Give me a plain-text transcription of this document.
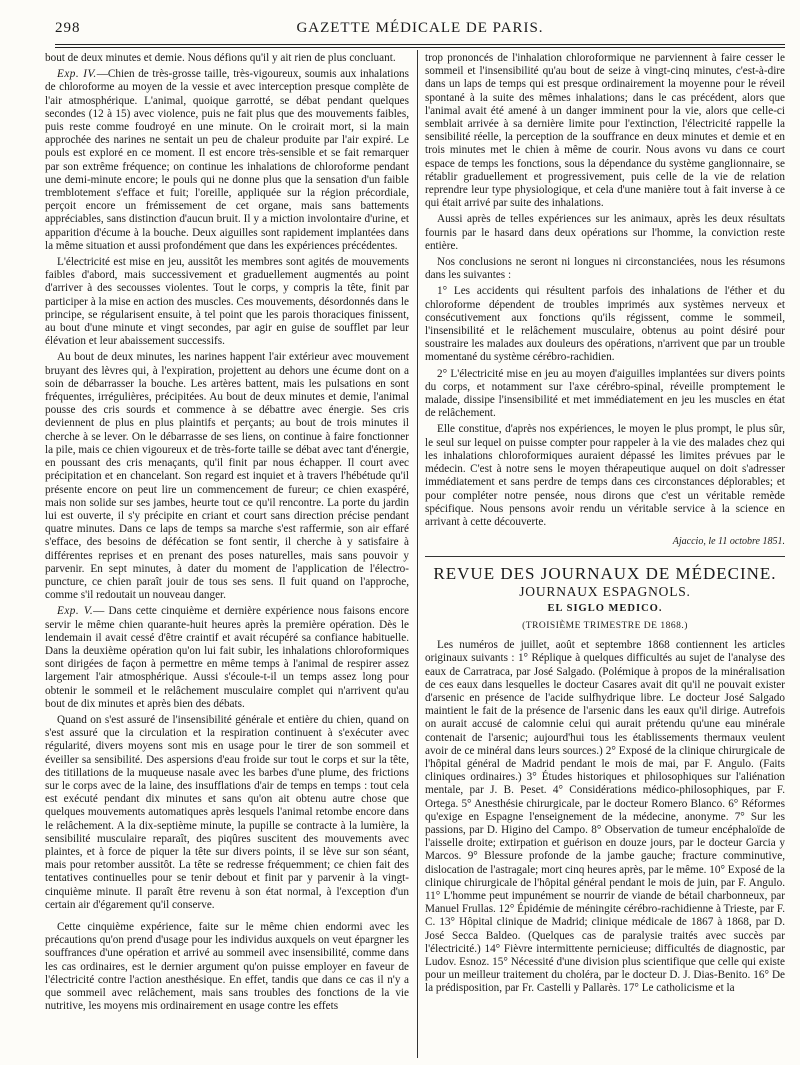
298	GAZETTE MÉDICALE DE PARIS.

bout de deux minutes et demie. Nous défions qu'il y ait rien de plus concluant.

Exp. IV.—Chien de très-grosse taille, très-vigoureux, soumis aux inhalations de chloroforme au moyen de la vessie et avec interception presque complète de l'air atmosphérique. L'animal, quoique garrotté, se débat pendant quelques secondes (12 à 15) avec violence, puis ne fait plus que des mouvements faibles, puis reste comme foudroyé en une minute. On le croirait mort, si la main approchée des narines ne sentait un peu de chaleur produite par l'air expiré. Le pouls est exploré en ce moment. Il est encore très-sensible et se fait remarquer par son extrême fréquence; on continue les inhalations de chloroforme pendant une demi-minute encore; le pouls qui ne donne plus que la sensation d'un faible tremblotement s'efface et fuit; l'oreille, appliquée sur la région précordiale, perçoit encore un frémissement de cet organe, mais sans battements appréciables, sans distinction d'aucun bruit. Il y a miction involontaire d'urine, et apparition d'écume à la bouche. Deux aiguilles sont rapidement implantées dans la même situation et aussi profondément que dans les expériences précédentes.

L'électricité est mise en jeu, aussitôt les membres sont agités de mouvements faibles d'abord, mais successivement et graduellement augmentés au point d'arriver à des secousses violentes. Tout le corps, y compris la tête, finit par participer à la mise en action des muscles. Ces mouvements, désordonnés dans le principe, se régularisent ensuite, à tel point que les parois thoraciques finissent, au bout d'une minute et vingt secondes, par agir en guise de soufflet par leur élévation et leur abaissement successifs.

Au bout de deux minutes, les narines happent l'air extérieur avec mouvement bruyant des lèvres qui, à l'expiration, projettent au dehors une écume dont on a soin de débarrasser la bouche. Les artères battent, mais les pulsations en sont fréquentes, irrégulières, précipitées. Au bout de deux minutes et demie, l'animal pousse des cris sourds et commence à se débattre avec énergie. Ses cris deviennent de plus en plus plaintifs et perçants; au bout de trois minutes il cherche à se lever. On le débarrasse de ses liens, on continue à faire fonctionner la pile, mais ce chien vigoureux et de très-forte taille se débat avec tant d'énergie, en poussant des cris menaçants, qu'il finit par nous échapper. Il court avec précipitation et en chancelant. Son regard est inquiet et à travers l'hébétude qu'il présente encore on peut lire un commencement de fureur; ce chien exaspéré, mais non solide sur ses jambes, heurte tout ce qu'il rencontre. La porte du jardin lui est ouverte, il s'y précipite en criant et court sans direction précise pendant quatre minutes. Dans ce laps de temps sa marche s'est raffermie, son air effaré s'efface, des besoins de défécation se font sentir, il cherche à y satisfaire à différentes reprises et en prenant des poses naturelles, mais sans pouvoir y parvenir. En sept minutes, à dater du moment de l'application de l'électro-puncture, ce chien paraît jouir de tous ses sens. Il fuit quand on l'approche, comme s'il redoutait un nouveau danger.

Exp. V.— Dans cette cinquième et dernière expérience nous faisons encore servir le même chien quarante-huit heures après la première opération. Dès le lendemain il avait cessé d'être craintif et avait récupéré sa confiance habituelle. Dans la deuxième opération qu'on lui fait subir, les inhalations chloroformiques sont dirigées de façon à permettre en même temps à l'animal de respirer assez largement l'air atmosphérique. Aussi s'écoule-t-il un temps assez long pour obtenir le sommeil et le relâchement musculaire complet qui n'arrivent qu'au bout de dix minutes et après bien des débats.

Quand on s'est assuré de l'insensibilité générale et entière du chien, quand on s'est assuré que la circulation et la respiration continuent à s'exécuter avec régularité, divers moyens sont mis en usage pour le tirer de son sommeil et éveiller sa sensibilité. Des aspersions d'eau froide sur tout le corps et sur la tête, des titillations de la muqueuse nasale avec les barbes d'une plume, des frictions sur le corps avec de la laine, des insufflations d'air de temps en temps : tout cela est exécuté pendant dix minutes et sans qu'on ait obtenu autre chose que quelques mouvements automatiques après lesquels l'animal retombe encore dans le relâchement. A la dix-septième minute, la pupille se contracte à la lumière, la sensibilité musculaire reparaît, des piqûres suscitent des mouvements avec plaintes, et à force de piquer la tête sur divers points, il se lève sur son séant, mais pour retomber aussitôt. La tête se redresse fréquemment; ce chien fait des tentatives continuelles pour se tenir debout et finit par y parvenir à la vingt-cinquième minute. Il paraît être revenu à son état normal, à l'exception d'un certain air d'égarement qu'il conserve.

Cette cinquième expérience, faite sur le même chien endormi avec les précautions qu'on prend d'usage pour les individus auxquels on veut épargner les souffrances d'une opération et arrivé au sommeil avec insensibilité, comme dans les cas ordinaires, est le dernier argument qu'on puisse employer en faveur de l'électricité contre l'action anesthésique. En effet, tandis que dans ce cas il n'y a que sommeil avec relâchement, mais sans troubles des fonctions de la vie nutritive, les moyens mis ordinairement en usage contre les effets

trop prononcés de l'inhalation chloroformique ne parviennent à faire cesser le sommeil et l'insensibilité qu'au bout de seize à vingt-cinq minutes, c'est-à-dire dans un laps de temps qui est presque ordinairement la moyenne pour le réveil spontané à la suite des mêmes inhalations; dans le cas précédent, alors que l'animal avait été amené à un danger imminent pour la vie, alors que celle-ci semblait arrivée à sa dernière limite pour l'extinction, l'électricité rappelle la sensibilité réelle, la perception de la souffrance en deux minutes et demie et en trois minutes met le chien à même de courir. Nous avons vu dans ce court espace de temps les fonctions, sous la dépendance du système ganglionnaire, se rétablir graduellement et progressivement, puis celle de la vie de relation reprendre leur type physiologique, et cela d'une manière tout à fait inverse à ce qui était arrivé par suite des inhalations.

Aussi après de telles expériences sur les animaux, après les deux résultats fournis par le hasard dans deux opérations sur l'homme, la conviction reste entière.

Nos conclusions ne seront ni longues ni circonstanciées, nous les résumons dans les suivantes :

1° Les accidents qui résultent parfois des inhalations de l'éther et du chloroforme dépendent de troubles imprimés aux systèmes nerveux et consécutivement aux fonctions qu'ils régissent, comme le sommeil, l'insensibilité et le relâchement musculaire, obtenus au point désiré pour soustraire les malades aux douleurs des opérations, n'arrivent que par un trouble momentané du système cérébro-rachidien.

2° L'électricité mise en jeu au moyen d'aiguilles implantées sur divers points du corps, et notamment sur l'axe cérébro-spinal, réveille promptement le malade, dissipe l'insensibilité et met immédiatement en jeu les muscles en état de relâchement.

Elle constitue, d'après nos expériences, le moyen le plus prompt, le plus sûr, le seul sur lequel on puisse compter pour rappeler à la vie des malades chez qui les inhalations chloroformiques auraient dépassé les limites prévues par le médecin. C'est à notre sens le moyen thérapeutique auquel on doit s'adresser immédiatement et sans perdre de temps dans ces circonstances déplorables; et pour compléter notre pensée, nous dirons que c'est un véritable remède spécifique. Nous pensons avoir rendu un véritable service à la science en arrivant à cette découverte.

Ajaccio, le 11 octobre 1851.
REVUE DES JOURNAUX DE MÉDECINE.
JOURNAUX ESPAGNOLS.
EL SIGLO MEDICO.
(TROISIÈME TRIMESTRE DE 1868.)

Les numéros de juillet, août et septembre 1868 contiennent les articles originaux suivants : 1° Réplique à quelques difficultés au sujet de l'analyse des eaux de Carratraca, par José Salgado. (Polémique à propos de la minéralisation de ces eaux dans lesquelles le docteur Casares avait dit qu'il ne pouvait exister d'arsenic en présence de l'acide sulfhydrique libre. Le docteur José Salgado maintient le fait de la présence de l'arsenic dans les eaux qu'il dirige. Autrefois on aurait accusé de calomnie celui qui aurait prétendu qu'une eau minérale contenait de l'arsenic; aujourd'hui tous les établissements thermaux veulent avoir de ce minéral dans leurs sources.) 2° Exposé de la clinique chirurgicale de l'hôpital général de Madrid pendant le mois de mai, par F. Angulo. (Faits cliniques ordinaires.) 3° Études historiques et philosophiques sur l'aliénation mentale, par J. B. Peset. 4° Considérations médico-philosophiques, par F. Ortega. 5° Anesthésie chirurgicale, par le docteur Romero Blanco. 6° Réformes qu'exige en Espagne l'enseignement de la médecine, anonyme. 7° Sur les passions, par D. Higino del Campo. 8° Observation de tumeur encéphaloïde de l'aisselle droite; extirpation et guérison en douze jours, par le docteur Garcia y Marcos. 9° Blessure profonde de la jambe gauche; fracture comminutive, dislocation de l'astragale; mort cinq heures après, par le même. 10° Exposé de la clinique chirurgicale de l'hôpital général pendant le mois de juin, par F. Angulo. 11° L'homme peut impunément se nourrir de viande de bétail charbonneux, par Manuel Frullas. 12° Épidémie de méningite cérébro-rachidienne à Trieste, par F. C. 13° Hôpital clinique de Madrid; clinique médicale de 1867 à 1868, par D. José Secca Baldeo. (Quelques cas de paralysie traités avec succès par l'électricité.) 14° Fièvre intermittente pernicieuse; difficultés de diagnostic, par Ludov. Esnoz. 15° Nécessité d'une division plus scientifique que celle qui existe pour un meilleur traitement du choléra, par le docteur D. J. Dias-Benito. 16° De la prédisposition, par Fr. Castelli y Pallarès. 17° Le catholicisme et la
